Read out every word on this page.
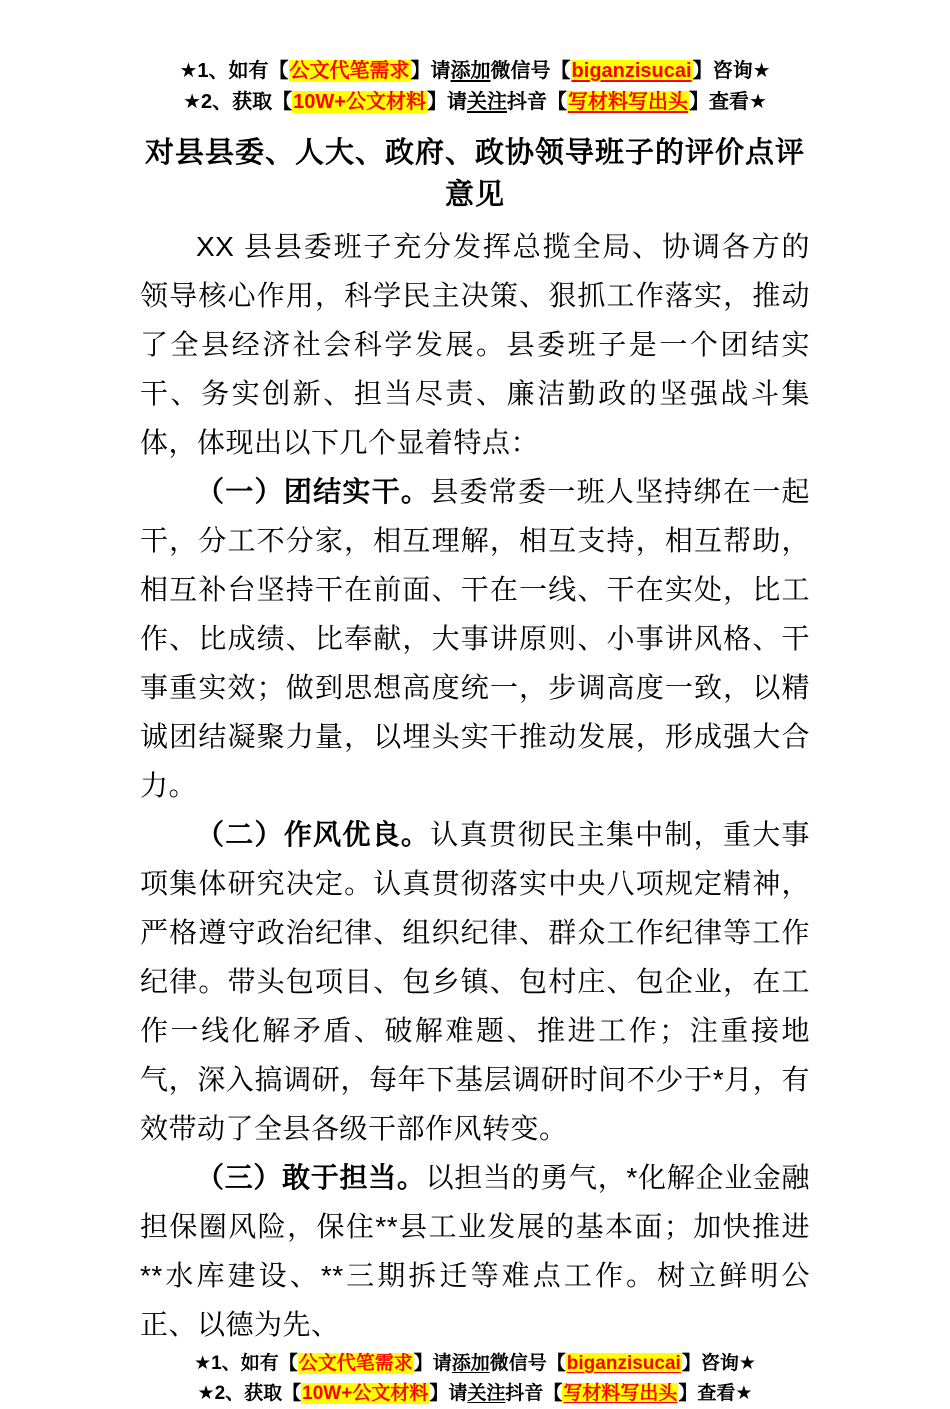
★1、如有【公文代笔需求】请添加微信号【biganzisucai】咨询★
★2、获取【10W+公文材料】请关注抖音【写材料写出头】查看★
对县县委、人大、政府、政协领导班子的评价点评意见

XX 县县委班子充分发挥总揽全局、协调各方的领导核心作用，科学民主决策、狠抓工作落实，推动了全县经济社会科学发展。县委班子是一个团结实干、务实创新、担当尽责、廉洁勤政的坚强战斗集体，体现出以下几个显着特点：

（一）团结实干。县委常委一班人坚持绑在一起干，分工不分家，相互理解，相互支持，相互帮助，相互补台坚持干在前面、干在一线、干在实处，比工作、比成绩、比奉献，大事讲原则、小事讲风格、干事重实效；做到思想高度统一，步调高度一致，以精诚团结凝聚力量，以埋头实干推动发展，形成强大合力。

（二）作风优良。认真贯彻民主集中制，重大事项集体研究决定。认真贯彻落实中央八项规定精神，严格遵守政治纪律、组织纪律、群众工作纪律等工作纪律。带头包项目、包乡镇、包村庄、包企业，在工作一线化解矛盾、破解难题、推进工作；注重接地气，深入搞调研，每年下基层调研时间不少于*月，有效带动了全县各级干部作风转变。

（三）敢于担当。以担当的勇气，*化解企业金融担保圈风险，保住**县工业发展的基本面；加快推进**水库建设、**三期拆迁等难点工作。树立鲜明公正、以德为先、

★1、如有【公文代笔需求】请添加微信号【biganzisucai】咨询★
★2、获取【10W+公文材料】请关注抖音【写材料写出头】查看★
